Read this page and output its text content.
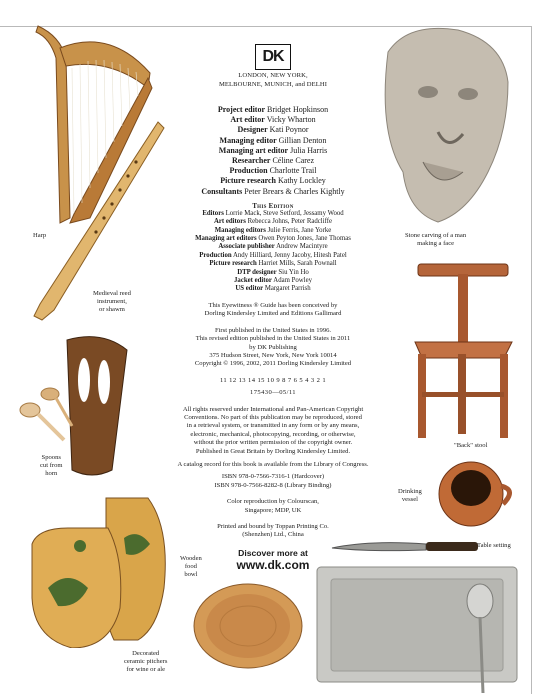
DK
LONDON, NEW YORK,
MELBOURNE, MUNICH, and DELHI
Project editor Bridget Hopkinson
Art editor Vicky Wharton
Designer Kati Poynor
Managing editor Gillian Denton
Managing art editor Julia Harris
Researcher Céline Carez
Production Charlotte Trail
Picture research Kathy Lockley
Consultants Peter Brears & Charles Kightly
This Edition
Editors Lorrie Mack, Steve Setford, Jessamy Wood
Art editors Rebecca Johns, Peter Radcliffe
Managing editors Julie Ferris, Jane Yorke
Managing art editors Owen Peyton Jones, Jane Thomas
Associate publisher Andrew Macintyre
Production Andy Hilliard, Jenny Jacoby, Hitesh Patel
Picture research Harriet Mills, Sarah Pownall
DTP designer Siu Yin Ho
Jacket editor Adam Powley
US editor Margaret Parrish
This Eyewitness ® Guide has been conceived by
Dorling Kindersley Limited and Editions Gallimard
First published in the United States in 1996.
This revised edition published in the United States in 2011
by DK Publishing
375 Hudson Street, New York, New York 10014
Copyright © 1996, 2002, 2011 Dorling Kindersley Limited
11 12 13 14 15 10 9 8 7 6 5 4 3 2 1
175430—05/11
All rights reserved under International and Pan-American Copyright
Conventions. No part of this publication may be reproduced, stored
in a retrieval system, or transmitted in any form or by any means,
electronic, mechanical, photocopying, recording, or otherwise,
without the prior written permission of the copyright owner.
Published in Great Britain by Dorling Kindersley Limited.
A catalog record for this book is available from the Library of Congress.
ISBN 978-0-7566-7316-1 (Hardcover)
ISBN 978-0-7566-8282-8 (Library Binding)
Color reproduction by Colourscan,
Singapore; MDP, UK
Printed and bound by Toppan Printing Co.
(Shenzhen) Ltd., China
Discover more at
www.dk.com
Harp
Medieval reed
instrument,
or shawm
Stone carving of a man
making a face
"Back" stool
Spoons
cut from
horn
Drinking
vessel
Table setting
Wooden
food
bowl
Decorated
ceramic pitchers
for wine or ale
